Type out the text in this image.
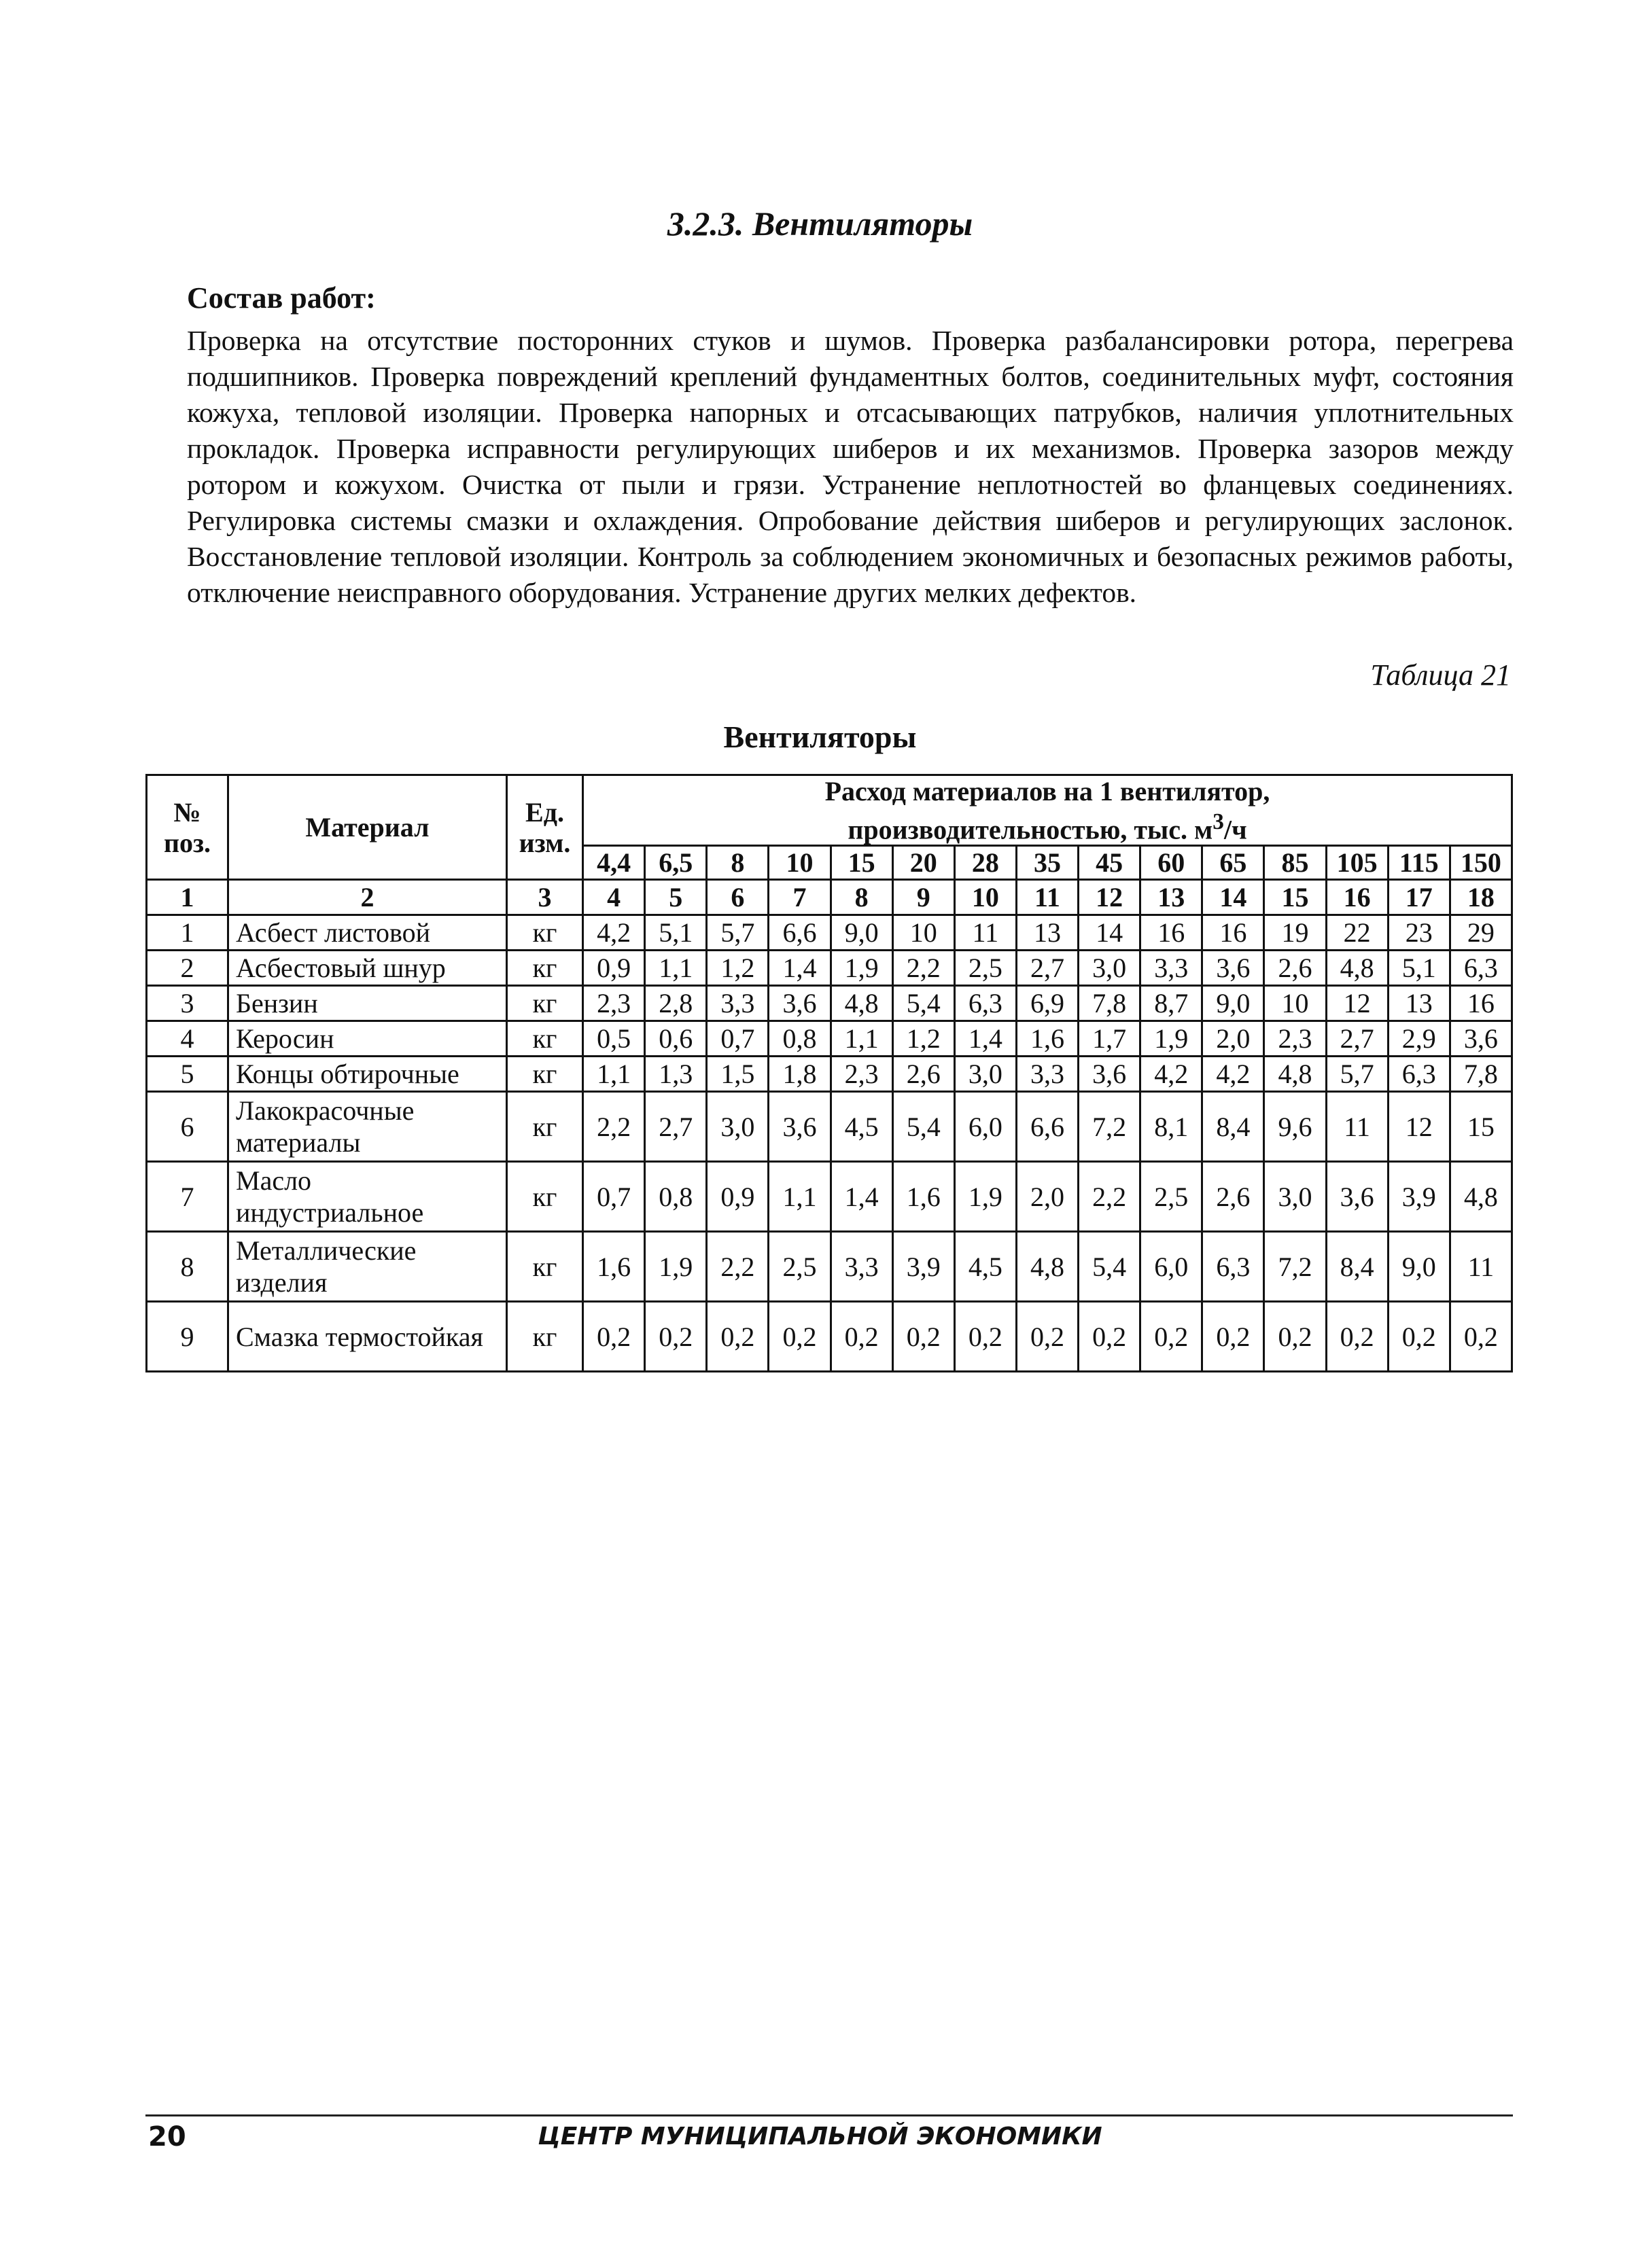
3.2.3. Вентиляторы
Состав работ:

Проверка на отсутствие посторонних стуков и шумов. Проверка разбалансировки ротора, перегрева подшипников. Проверка повреждений креплений фундаментных болтов, соединительных муфт, состояния кожуха, тепловой изоляции. Проверка напорных и отсасывающих патрубков, наличия уплотнительных прокладок. Проверка исправности регулирующих шиберов и их механизмов. Проверка зазоров между ротором и кожухом. Очистка от пыли и грязи. Устранение неплотностей во фланцевых соединениях. Регулировка системы смазки и охлаждения. Опробование действия шиберов и регулирующих заслонок. Восстановление тепловой изоляции. Контроль за соблюдением экономичных и безопасных режимов работы, отключение неисправного оборудования. Устранение других мелких дефектов.

Таблица 21
Вентиляторы
№ поз.	Материал	Ед. изм.	Расход материалов на 1 вентилятор,
производительностью, тыс. $м^3/ч$														
			4,4	6,5	8	10	15	20	28	35	45	60	65	85	105	115	150
1	2	3	4	5	6	7	8	9	10	11	12	13	14	15	16	17	18
1	Асбест листовой	кг	4,2	5,1	5,7	6,6	9,0	10	11	13	14	16	16	19	22	23	29
2	Асбестовый шнур	кг	0,9	1,1	1,2	1,4	1,9	2,2	2,5	2,7	3,0	3,3	3,6	2,6	4,8	5,1	6,3
3	Бензин	кг	2,3	2,8	3,3	3,6	4,8	5,4	6,3	6,9	7,8	8,7	9,0	10	12	13	16
4	Керосин	кг	0,5	0,6	0,7	0,8	1,1	1,2	1,4	1,6	1,7	1,9	2,0	2,3	2,7	2,9	3,6
5	Концы обтирочные	кг	1,1	1,3	1,5	1,8	2,3	2,6	3,0	3,3	3,6	4,2	4,2	4,8	5,7	6,3	7,8
6	Лакокрасочные материалы	кг	2,2	2,7	3,0	3,6	4,5	5,4	6,0	6,6	7,2	8,1	8,4	9,6	11	12	15
7	Масло индустриальное	кг	0,7	0,8	0,9	1,1	1,4	1,6	1,9	2,0	2,2	2,5	2,6	3,0	3,6	3,9	4,8
8	Металлические изделия	кг	1,6	1,9	2,2	2,5	3,3	3,9	4,5	4,8	5,4	6,0	6,3	7,2	8,4	9,0	11
9	Смазка термостойкая	кг	0,2	0,2	0,2	0,2	0,2	0,2	0,2	0,2	0,2	0,2	0,2	0,2	0,2	0,2	0,2
20	ЦЕНТР МУНИЦИПАЛЬНОЙ ЭКОНОМИКИ
